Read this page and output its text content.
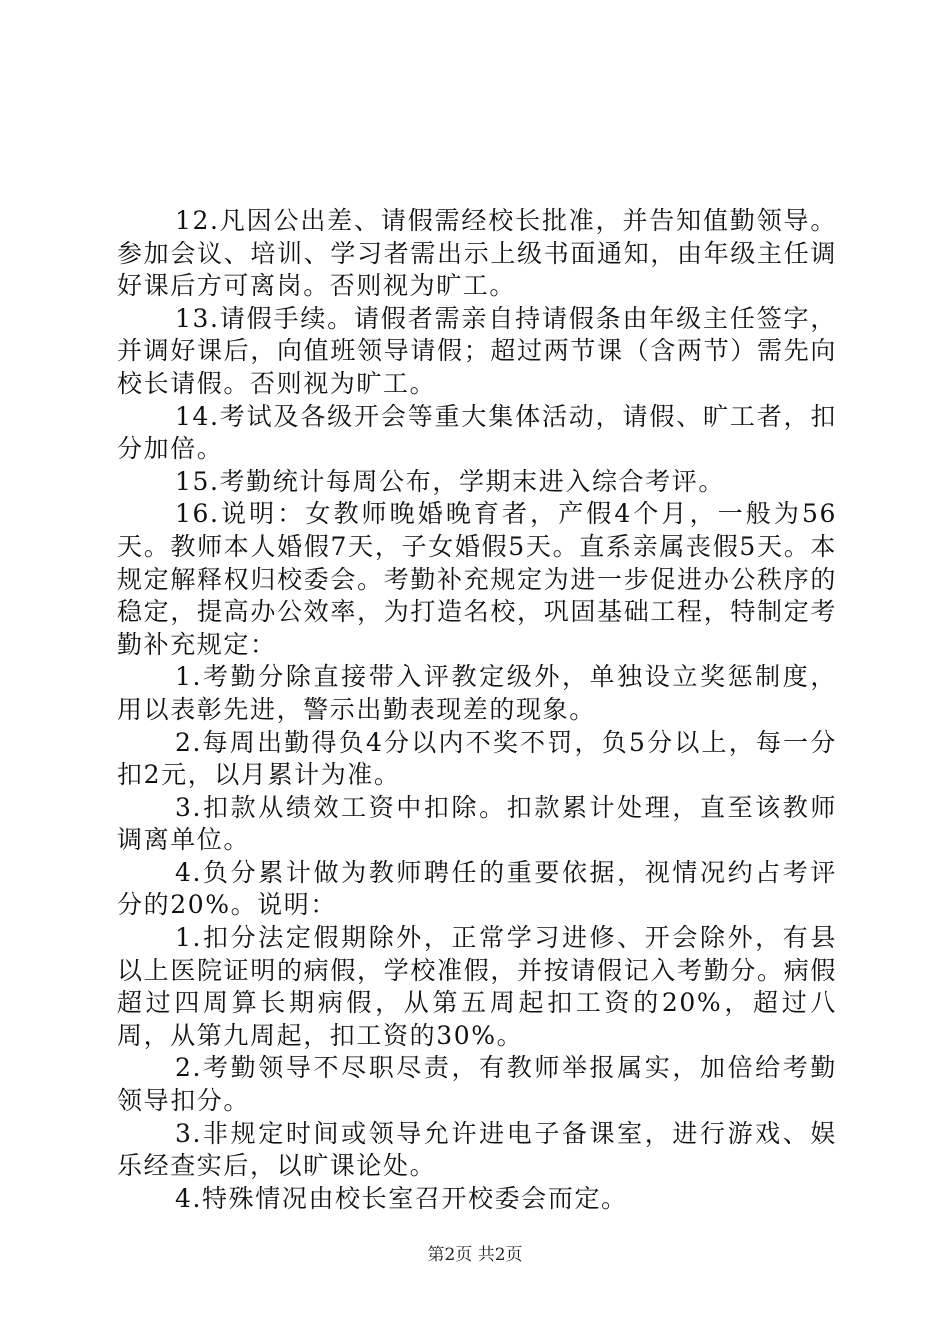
12.凡因公出差、请假需经校长批准，并告知值勤领导。参加会议、培训、学习者需出示上级书面通知，由年级主任调好课后方可离岗。否则视为旷工。

13.请假手续。请假者需亲自持请假条由年级主任签字，并调好课后，向值班领导请假；超过两节课（含两节）需先向校长请假。否则视为旷工。

14.考试及各级开会等重大集体活动，请假、旷工者，扣分加倍。

15.考勤统计每周公布，学期末进入综合考评。

16.说明：女教师晚婚晚育者，产假4个月，一般为56天。教师本人婚假7天，子女婚假5天。直系亲属丧假5天。本规定解释权归校委会。考勤补充规定为进一步促进办公秩序的稳定，提高办公效率，为打造名校，巩固基础工程，特制定考勤补充规定：

1.考勤分除直接带入评教定级外，单独设立奖惩制度，用以表彰先进，警示出勤表现差的现象。

2.每周出勤得负4分以内不奖不罚，负5分以上，每一分扣2元，以月累计为准。

3.扣款从绩效工资中扣除。扣款累计处理，直至该教师调离单位。

4.负分累计做为教师聘任的重要依据，视情况约占考评分的20%。说明：

1.扣分法定假期除外，正常学习进修、开会除外，有县以上医院证明的病假，学校准假，并按请假记入考勤分。病假超过四周算长期病假，从第五周起扣工资的20%，超过八周，从第九周起，扣工资的30%。

2.考勤领导不尽职尽责，有教师举报属实，加倍给考勤领导扣分。

3.非规定时间或领导允许进电子备课室，进行游戏、娱乐经查实后，以旷课论处。

4.特殊情况由校长室召开校委会而定。

第2页 共2页
